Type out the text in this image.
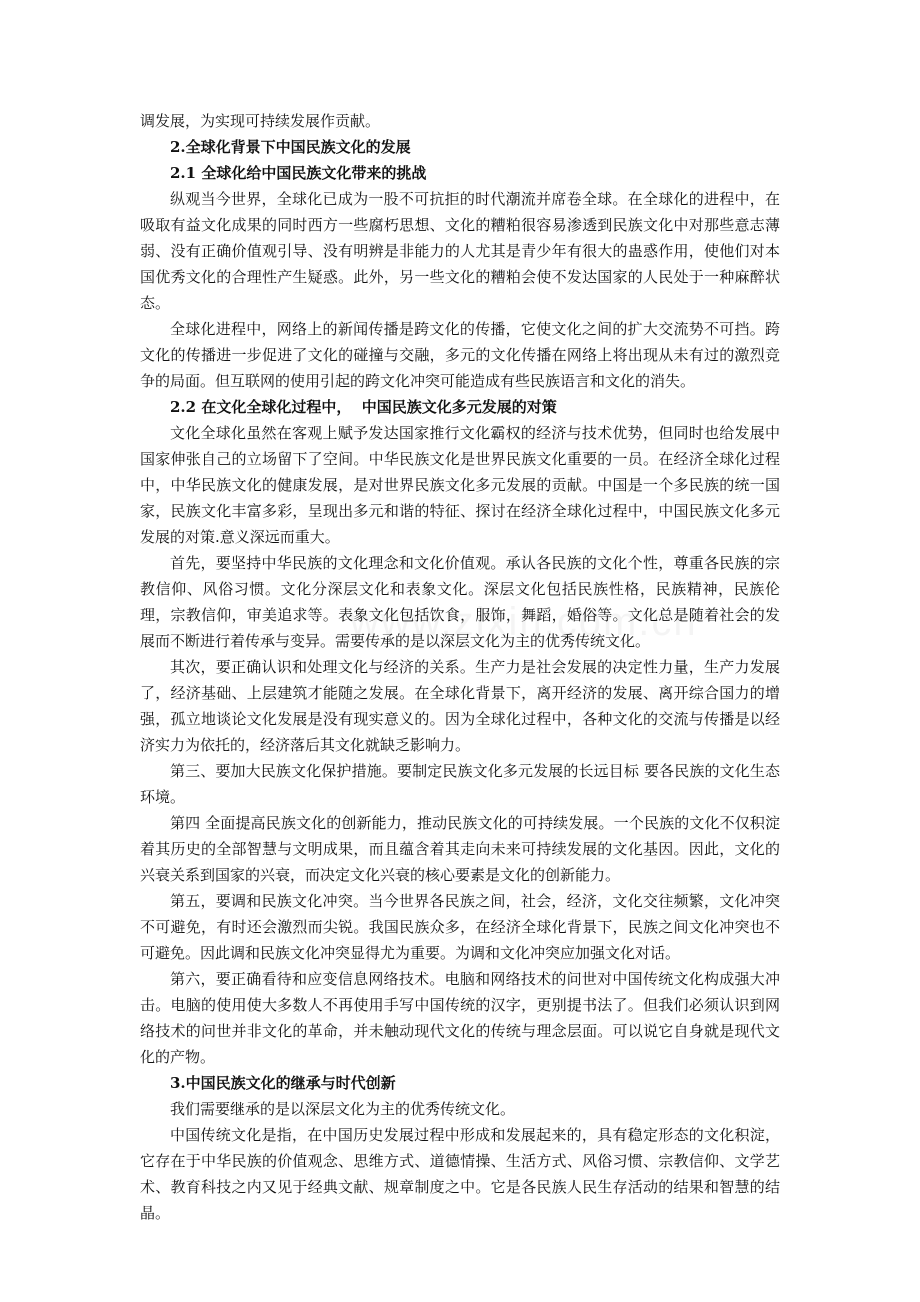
调发展，为实现可持续发展作贡献。

2.全球化背景下中国民族文化的发展

2.1 全球化给中国民族文化带来的挑战

纵观当今世界，全球化已成为一股不可抗拒的时代潮流并席卷全球。在全球化的进程中，在吸取有益文化成果的同时西方一些腐朽思想、文化的糟粕很容易渗透到民族文化中对那些意志薄弱、没有正确价值观引导、没有明辨是非能力的人尤其是青少年有很大的蛊惑作用，使他们对本国优秀文化的合理性产生疑惑。此外，另一些文化的糟粕会使不发达国家的人民处于一种麻醉状态。

全球化进程中，网络上的新闻传播是跨文化的传播，它使文化之间的扩大交流势不可挡。跨文化的传播进一步促进了文化的碰撞与交融，多元的文化传播在网络上将出现从未有过的激烈竞争的局面。但互联网的使用引起的跨文化冲突可能造成有些民族语言和文化的消失。

2.2 在文化全球化过程中，  中国民族文化多元发展的对策

文化全球化虽然在客观上赋予发达国家推行文化霸权的经济与技术优势，但同时也给发展中国家伸张自己的立场留下了空间。中华民族文化是世界民族文化重要的一员。在经济全球化过程中，中华民族文化的健康发展，是对世界民族文化多元发展的贡献。中国是一个多民族的统一国家，民族文化丰富多彩，呈现出多元和谐的特征、探讨在经济全球化过程中，中国民族文化多元发展的对策.意义深远而重大。

首先，要坚持中华民族的文化理念和文化价值观。承认各民族的文化个性，尊重各民族的宗教信仰、风俗习惯。文化分深层文化和表象文化。深层文化包括民族性格，民族精神，民族伦理，宗教信仰，审美追求等。表象文化包括饮食，服饰，舞蹈，婚俗等。文化总是随着社会的发展而不断进行着传承与变异。需要传承的是以深层文化为主的优秀传统文化。

其次，要正确认识和处理文化与经济的关系。生产力是社会发展的决定性力量，生产力发展了，经济基础、上层建筑才能随之发展。在全球化背景下，离开经济的发展、离开综合国力的增强，孤立地谈论文化发展是没有现实意义的。因为全球化过程中，各种文化的交流与传播是以经济实力为依托的，经济落后其文化就缺乏影响力。

第三、要加大民族文化保护措施。要制定民族文化多元发展的长远目标 要各民族的文化生态环境。

第四 全面提高民族文化的创新能力，推动民族文化的可持续发展。一个民族的文化不仅积淀着其历史的全部智慧与文明成果，而且蕴含着其走向未来可持续发展的文化基因。因此，文化的兴衰关系到国家的兴衰，而决定文化兴衰的核心要素是文化的创新能力。

第五，要调和民族文化冲突。当今世界各民族之间，社会，经济，文化交往频繁，文化冲突不可避免，有时还会激烈而尖锐。我国民族众多，在经济全球化背景下，民族之间文化冲突也不可避免。因此调和民族文化冲突显得尤为重要。为调和文化冲突应加强文化对话。

第六，要正确看待和应变信息网络技术。电脑和网络技术的问世对中国传统文化构成强大冲击。电脑的使用使大多数人不再使用手写中国传统的汉字，更别提书法了。但我们必须认识到网络技术的问世并非文化的革命，并未触动现代文化的传统与理念层面。可以说它自身就是现代文化的产物。

3.中国民族文化的继承与时代创新

我们需要继承的是以深层文化为主的优秀传统文化。

中国传统文化是指，在中国历史发展过程中形成和发展起来的，具有稳定形态的文化积淀，它存在于中华民族的价值观念、思维方式、道德情操、生活方式、风俗习惯、宗教信仰、文学艺术、教育科技之内又见于经典文献、规章制度之中。它是各民族人民生存活动的结果和智慧的结晶。
